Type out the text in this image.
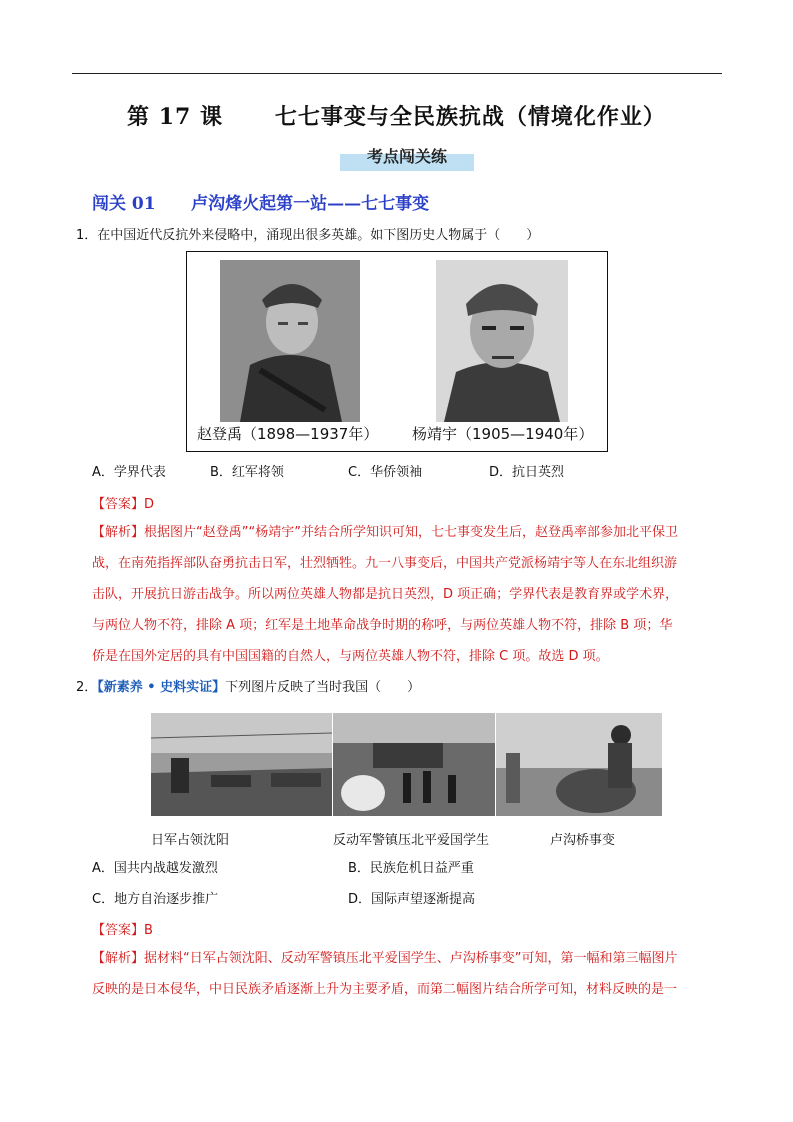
第 17 课      七七事变与全民族抗战（情境化作业）
考点闯关练
闯关 01      卢沟烽火起第一站——七七事变
1．在中国近代反抗外来侵略中，涌现出很多英雄。如下图历史人物属于（　　）
赵登禹（1898—1937年） 杨靖宇（1905—1940年）
A．学界代表	B．红军将领	C．华侨领袖	D．抗日英烈
【答案】D
【解析】根据图片“赵登禹”“杨靖宇”并结合所学知识可知，七七事变发生后，赵登禹率部参加北平保卫
战，在南苑指挥部队奋勇抗击日军，壮烈牺牲。九一八事变后，中国共产党派杨靖宇等人在东北组织游
击队，开展抗日游击战争。所以两位英雄人物都是抗日英烈，D 项正确；学界代表是教育界或学术界，
与两位人物不符，排除 A 项；红军是土地革命战争时期的称呼，与两位英雄人物不符，排除 B 项；华
侨是在国外定居的具有中国国籍的自然人，与两位英雄人物不符，排除 C 项。故选 D 项。
2．【新素养 • 史料实证】下列图片反映了当时我国（　　）
日军占领沈阳	反动军警镇压北平爱国学生	卢沟桥事变
A．国共内战越发激烈	B．民族危机日益严重
C．地方自治逐步推广	D．国际声望逐渐提高
【答案】B
【解析】据材料“日军占领沈阳、反动军警镇压北平爱国学生、卢沟桥事变”可知，第一幅和第三幅图片
反映的是日本侵华，中日民族矛盾逐渐上升为主要矛盾，而第二幅图片结合所学可知，材料反映的是一
